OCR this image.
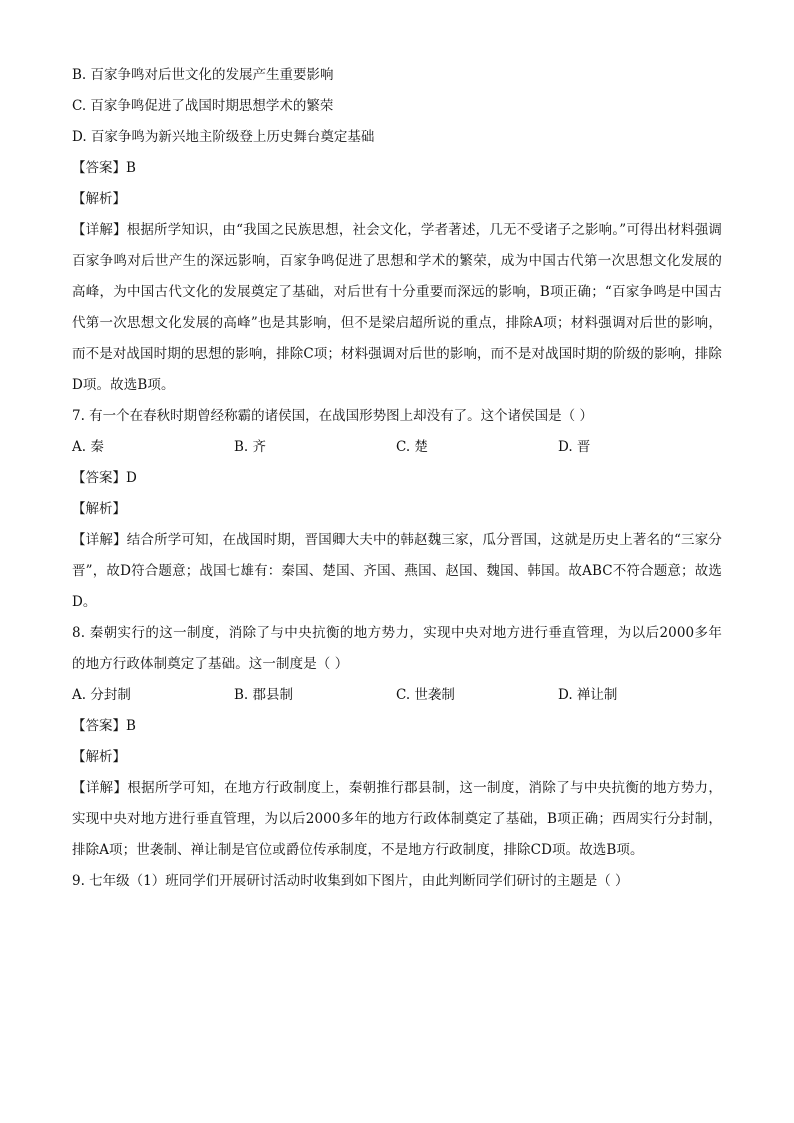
B. 百家争鸣对后世文化的发展产生重要影响
C. 百家争鸣促进了战国时期思想学术的繁荣
D. 百家争鸣为新兴地主阶级登上历史舞台奠定基础
【答案】B
【解析】
【详解】根据所学知识，由“我国之民族思想，社会文化，学者著述，几无不受诸子之影响。”可得出材料强调百家争鸣对后世产生的深远影响，百家争鸣促进了思想和学术的繁荣，成为中国古代第一次思想文化发展的高峰，为中国古代文化的发展奠定了基础，对后世有十分重要而深远的影响，B项正确；“百家争鸣是中国古代第一次思想文化发展的高峰”也是其影响，但不是梁启超所说的重点，排除A项；材料强调对后世的影响，而不是对战国时期的思想的影响，排除C项；材料强调对后世的影响，而不是对战国时期的阶级的影响，排除D项。故选B项。
7. 有一个在春秋时期曾经称霸的诸侯国，在战国形势图上却没有了。这个诸侯国是（ ）
A. 秦	B. 齐	C. 楚	D. 晋
【答案】D
【解析】
【详解】结合所学可知，在战国时期，晋国卿大夫中的韩赵魏三家，瓜分晋国，这就是历史上著名的“三家分晋”，故D符合题意；战国七雄有：秦国、楚国、齐国、燕国、赵国、魏国、韩国。故ABC不符合题意；故选D。
8. 秦朝实行的这一制度，消除了与中央抗衡的地方势力，实现中央对地方进行垂直管理，为以后2000多年的地方行政体制奠定了基础。这一制度是（ ）
A. 分封制	B. 郡县制	C. 世袭制	D. 禅让制
【答案】B
【解析】
【详解】根据所学可知，在地方行政制度上，秦朝推行郡县制，这一制度，消除了与中央抗衡的地方势力，实现中央对地方进行垂直管理，为以后2000多年的地方行政体制奠定了基础，B项正确；西周实行分封制，排除A项；世袭制、禅让制是官位或爵位传承制度，不是地方行政制度，排除CD项。故选B项。
9. 七年级（1）班同学们开展研讨活动时收集到如下图片，由此判断同学们研讨的主题是（ ）
